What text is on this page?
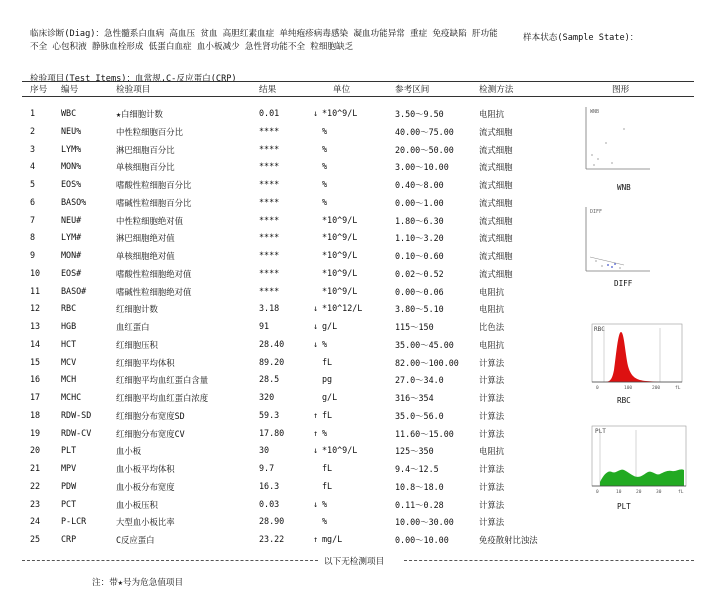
临床诊断(Diag)：急性髓系白血病 高血压 贫血 高胆红素血症 单纯疱疹病毒感染 凝血功能异常 重症 免疫缺陷 肝功能不全 心包积液 静脉血栓形成 低蛋白血症 血小板减少 急性肾功能不全 粒细胞缺乏
样本状态(Sample State)：
检验项目(Test Items)：血常规,C-反应蛋白(CRP)
序号 编号	检验项目	结果	单位	参考区间	检测方法	图形
1	WBC	★白细胞计数	0.01	↓ *10^9/L	3.50～9.50	电阻抗
2	NEU%	中性粒细胞百分比	****	%	40.00～75.00	流式细胞
3	LYM%	淋巴细胞百分比	****	%	20.00～50.00	流式细胞
4	MON%	单核细胞百分比	****	%	3.00～10.00	流式细胞
5	EOS%	嗜酸性粒细胞百分比	****	%	0.40～8.00	流式细胞
6	BASO%	嗜碱性粒细胞百分比	****	%	0.00～1.00	流式细胞
7	NEU#	中性粒细胞绝对值	****	*10^9/L	1.80～6.30	流式细胞
8	LYM#	淋巴细胞绝对值	****	*10^9/L	1.10～3.20	流式细胞
9	MON#	单核细胞绝对值	****	*10^9/L	0.10～0.60	流式细胞
10 EOS#	嗜酸性粒细胞绝对值	****	*10^9/L	0.02～0.52	流式细胞
11 BASO#	嗜碱性粒细胞绝对值	****	*10^9/L	0.00～0.06	电阻抗
12 RBC	红细胞计数	3.18	↓ *10^12/L	3.80～5.10	电阻抗
13 HGB	血红蛋白	91	↓ g/L	115～150	比色法
14 HCT	红细胞压积	28.40	↓ %	35.00～45.00	电阻抗
15 MCV	红细胞平均体积	89.20	fL	82.00～100.00 计算法
16 MCH	红细胞平均血红蛋白含量	28.5	pg	27.0～34.0	计算法
17 MCHC	红细胞平均血红蛋白浓度	320	g/L	316～354	计算法
18 RDW-SD	红细胞分布宽度SD	59.3	↑ fL	35.0～56.0	计算法
19 RDW-CV	红细胞分布宽度CV	17.80	↑ %	11.60～15.00	计算法
20 PLT	血小板	30	↓ *10^9/L	125～350	电阻抗
21 MPV	血小板平均体积	9.7	fL	9.4～12.5	计算法
22 PDW	血小板分布宽度	16.3	fL	10.8～18.0	计算法
23 PCT	血小板压积	0.03	↓ %	0.11～0.28	计算法
24 P-LCR	大型血小板比率	28.90	%	10.00～30.00	计算法
25 CRP	C反应蛋白	23.22	↑ mg/L	0.00～10.00	免疫散射比浊法
WNB
WNB
DIFF
DIFF
RBC
0	100	200	fL
RBC
PLT
0	10	20	30	fL
PLT
以下无检测项目
注：带★号为危急值项目
